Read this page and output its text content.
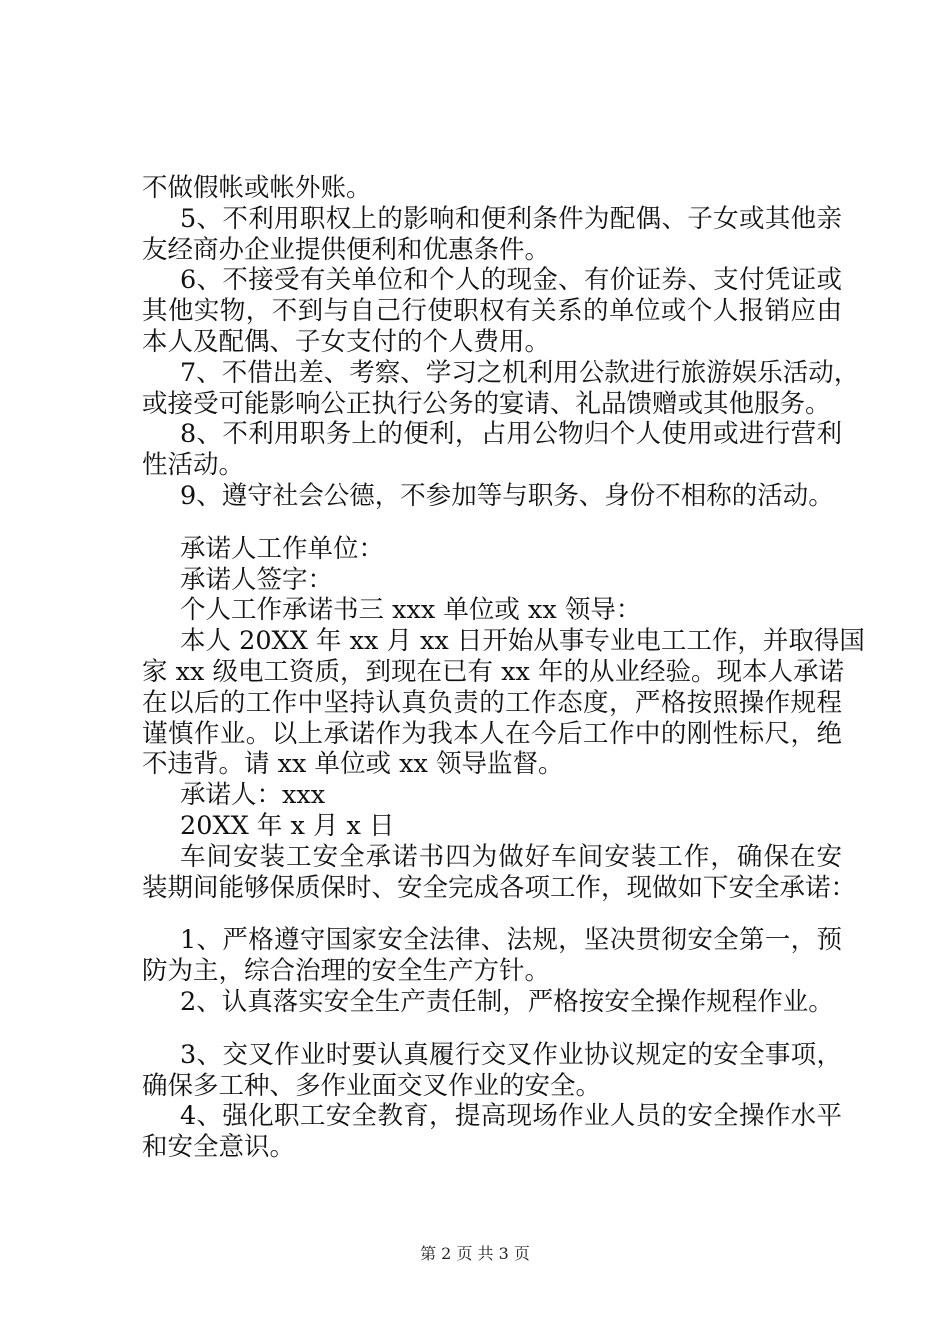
不做假帐或帐外账。
5、不利用职权上的影响和便利条件为配偶、子女或其他亲
友经商办企业提供便利和优惠条件。
6、不接受有关单位和个人的现金、有价证券、支付凭证或
其他实物，不到与自己行使职权有关系的单位或个人报销应由
本人及配偶、子女支付的个人费用。
7、不借出差、考察、学习之机利用公款进行旅游娱乐活动，
或接受可能影响公正执行公务的宴请、礼品馈赠或其他服务。
8、不利用职务上的便利，占用公物归个人使用或进行营利
性活动。
9、遵守社会公德，不参加等与职务、身份不相称的活动。
承诺人工作单位：
承诺人签字：
个人工作承诺书三 xxx 单位或 xx 领导：
本人 20XX 年 xx 月 xx 日开始从事专业电工工作，并取得国
家 xx 级电工资质，到现在已有 xx 年的从业经验。现本人承诺
在以后的工作中坚持认真负责的工作态度，严格按照操作规程
谨慎作业。以上承诺作为我本人在今后工作中的刚性标尺，绝
不违背。请 xx 单位或 xx 领导监督。
承诺人：xxx
20XX 年 x 月 x 日
车间安装工安全承诺书四为做好车间安装工作，确保在安
装期间能够保质保时、安全完成各项工作，现做如下安全承诺：
1、严格遵守国家安全法律、法规，坚决贯彻安全第一，预
防为主，综合治理的安全生产方针。
2、认真落实安全生产责任制，严格按安全操作规程作业。
3、交叉作业时要认真履行交叉作业协议规定的安全事项，
确保多工种、多作业面交叉作业的安全。
4、强化职工安全教育，提高现场作业人员的安全操作水平
和安全意识。
第 2 页 共 3 页
